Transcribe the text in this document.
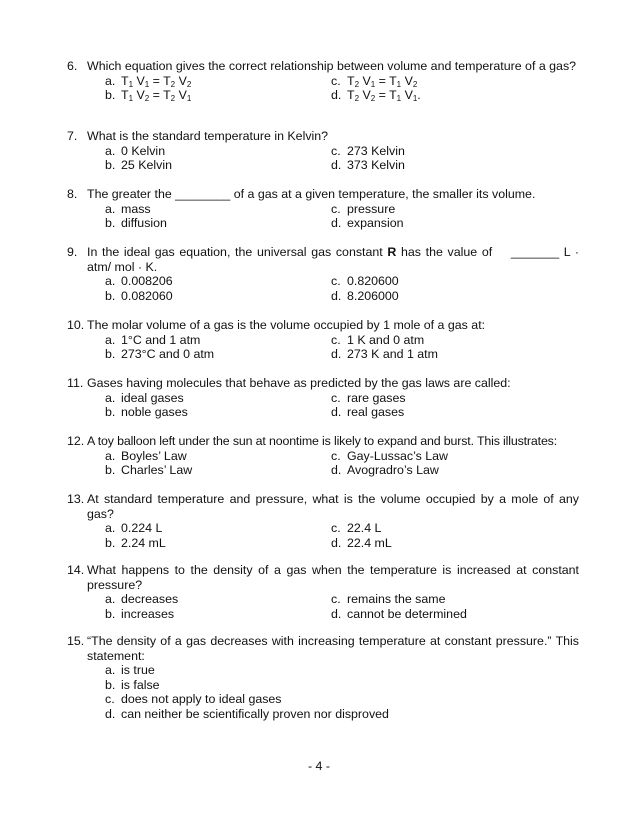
6. Which equation gives the correct relationship between volume and temperature of a gas?
a. $T_1$ $V_1 = T_2$ $V_2$	c. $T_2$ $V_1 = T_1$ $V_2$
b. $T_1$ $V_2 = T_2$ $V_1$	d. $T_2$ $V_2 = T_1$ $V_1$.
7. What is the standard temperature in Kelvin?
a. 0 Kelvin	c. 273 Kelvin
b. 25 Kelvin	d. 373 Kelvin
8. The greater the ________ of a gas at a given temperature, the smaller its volume.
a. mass	c. pressure
b. diffusion	d. expansion
9. In the ideal gas equation, the universal gas constant R has the value of    _______ L · atm/ mol · K.
a. 0.008206	c. 0.820600
b. 0.082060	d. 8.206000
10. The molar volume of a gas is the volume occupied by 1 mole of a gas at:
a. 1°C and 1 atm	c. 1 K and 0 atm
b. 273°C and 0 atm	d. 273 K and 1 atm
11. Gases having molecules that behave as predicted by the gas laws are called:
a. ideal gases	c. rare gases
b. noble gases	d. real gases
12. A toy balloon left under the sun at noontime is likely to expand and burst. This illustrates:
a. Boyles’ Law	c. Gay-Lussac’s Law
b. Charles’ Law	d. Avogradro’s Law
13. At standard temperature and pressure, what is the volume occupied by a mole of any gas?
a. 0.224 L	c. 22.4 L
b. 2.24 mL	d. 22.4 mL
14. What happens to the density of a gas when the temperature is increased at constant pressure?
a. decreases	c. remains the same
b. increases	d. cannot be determined
15. “The density of a gas decreases with increasing temperature at constant pressure.” This statement:
a. is true
b. is false
c. does not apply to ideal gases
d. can neither be scientifically proven nor disproved
- 4 -
